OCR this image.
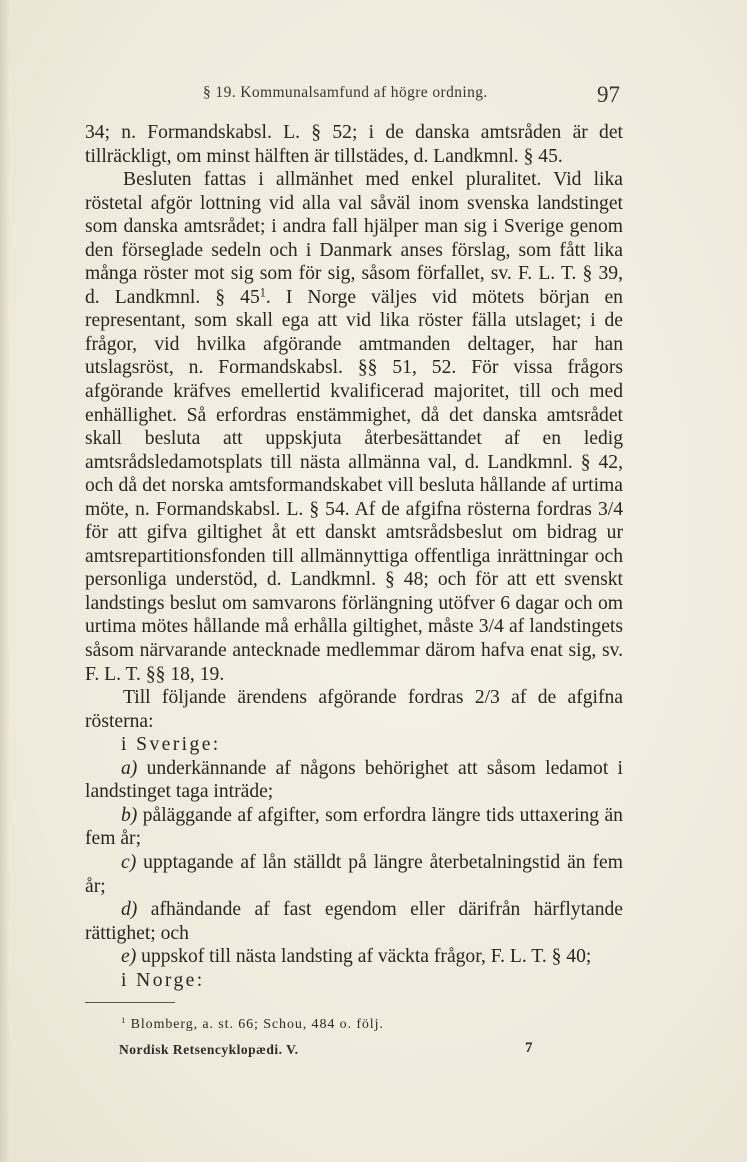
§ 19. Kommunalsamfund af högre ordning.	97

34; n. Formandskabsl. L. § 52; i de danska amtsråden är det tillräckligt, om minst hälften är tillstädes, d. Landkmnl. § 45.

Besluten fattas i allmänhet med enkel pluralitet. Vid lika röstetal afgör lottning vid alla val såväl inom svenska landstinget som danska amtsrådet; i andra fall hjälper man sig i Sverige genom den förseglade sedeln och i Danmark anses förslag, som fått lika många röster mot sig som för sig, såsom förfallet, sv. F. L. T. § 39, d. Landkmnl. § $45^1$. I Norge väljes vid mötets början en representant, som skall ega att vid lika röster fälla utslaget; i de frågor, vid hvilka afgörande amtmanden deltager, har han utslagsröst, n. Formandskabsl. §§ 51, 52. För vissa frågors afgörande kräfves emellertid kvalificerad majoritet, till och med enhällighet. Så erfordras enstämmighet, då det danska amtsrådet skall besluta att uppskjuta återbesättandet af en ledig amtsrådsledamotsplats till nästa allmänna val, d. Landkmnl. § 42, och då det norska amtsformandskabet vill besluta hållande af urtima möte, n. Formandskabsl. L. § 54. Af de afgifna rösterna fordras 3/4 för att gifva giltighet åt ett danskt amtsrådsbeslut om bidrag ur amtsrepartitionsfonden till allmännyttiga offentliga inrättningar och personliga understöd, d. Landkmnl. § 48; och för att ett svenskt landstings beslut om samvarons förlängning utöfver 6 dagar och om urtima mötes hållande må erhålla giltighet, måste 3/4 af landstingets såsom närvarande antecknade medlemmar därom hafva enat sig, sv. F. L. T. §§ 18, 19.

Till följande ärendens afgörande fordras 2/3 af de afgifna rösterna:

i Sverige:

a) underkännande af någons behörighet att såsom ledamot i landstinget taga inträde;

b) påläggande af afgifter, som erfordra längre tids uttaxering än fem år;

c) upptagande af lån ställdt på längre återbetalningstid än fem år;

d) afhändande af fast egendom eller därifrån härflytande rättighet; och

e) uppskof till nästa landsting af väckta frågor, F. L. T. § 40;

i Norge:

$^1$ Blomberg, a. st. 66; Schou, 484 o. följ.
Nordisk Retsencyklopædi. V.	7
